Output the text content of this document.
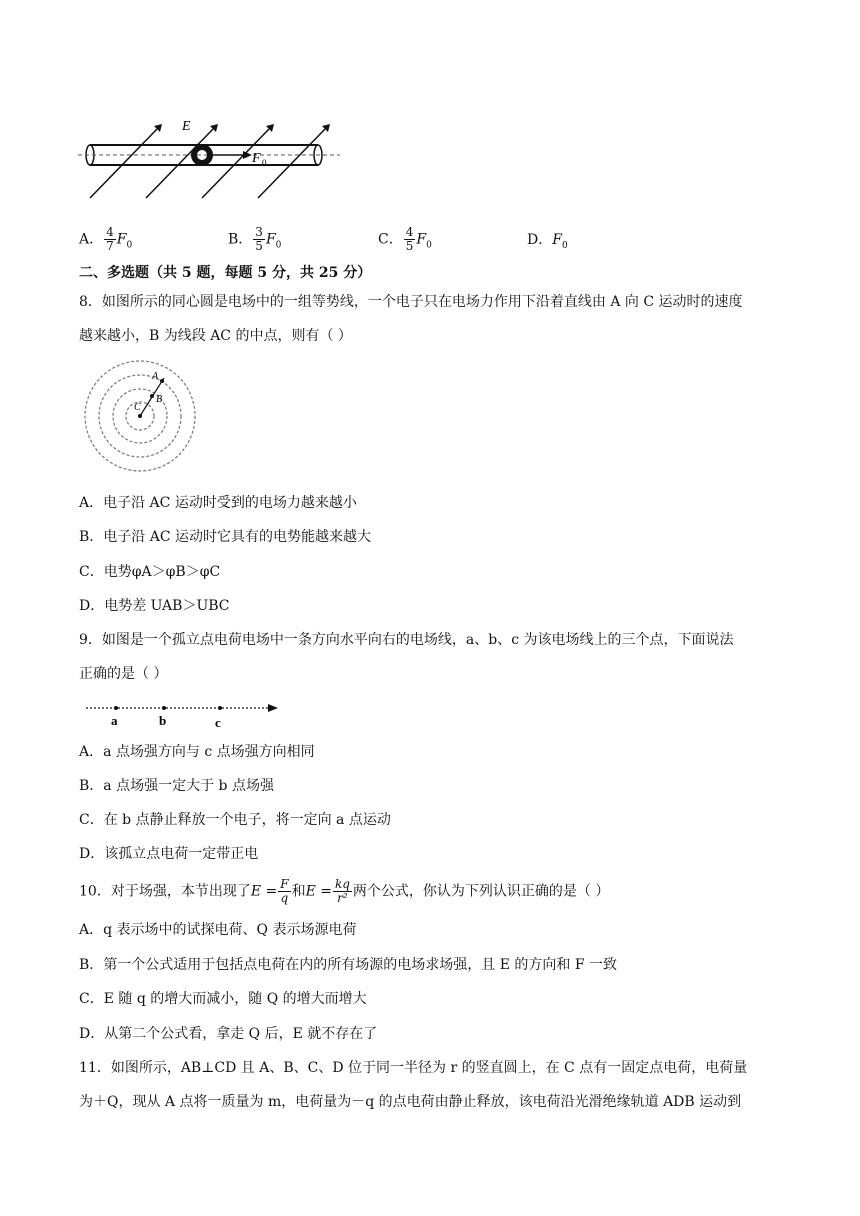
E
F 0
A． $\frac{4}{7} F_0$	B． $\frac{3}{5} F_0$	C． $\frac{4}{5} F_0$	D．$F_0$
二、多选题（共 5 题，每题 5 分，共 25 分）
8．如图所示的同心圆是电场中的一组等势线，一个电子只在电场力作用下沿着直线由 A 向 C 运动时的速度
越来越小，B 为线段 AC 的中点，则有（ ）
A
B
C
A．电子沿 AC 运动时受到的电场力越来越小
B．电子沿 AC 运动时它具有的电势能越来越大
C．电势φA＞φB＞φC
D．电势差 UAB＞UBC
9．如图是一个孤立点电荷电场中一条方向水平向右的电场线，a、b、c 为该电场线上的三个点，下面说法
正确的是（ ）
a	b	c
A．a 点场强方向与 c 点场强方向相同
B．a 点场强一定大于 b 点场强
C．在 b 点静止释放一个电子，将一定向 a 点运动
D．该孤立点电荷一定带正电
10．对于场强，本节出现了$E = \frac{F}{q}$ 和$E = \frac{kq}{\text{r²}}$ 两个公式，你认为下列认识正确的是（ ）
A．q 表示场中的试探电荷、Q 表示场源电荷
B．第一个公式适用于包括点电荷在内的所有场源的电场求场强，且 E 的方向和 F 一致
C．E 随 q 的增大而减小，随 Q 的增大而增大
D．从第二个公式看，拿走 Q 后，E 就不存在了
11．如图所示，AB⊥CD 且 A、B、C、D 位于同一半径为 r 的竖直圆上，在 C 点有一固定点电荷，电荷量
为＋Q，现从 A 点将一质量为 m，电荷量为－q 的点电荷由静止释放，该电荷沿光滑绝缘轨道 ADB 运动到
